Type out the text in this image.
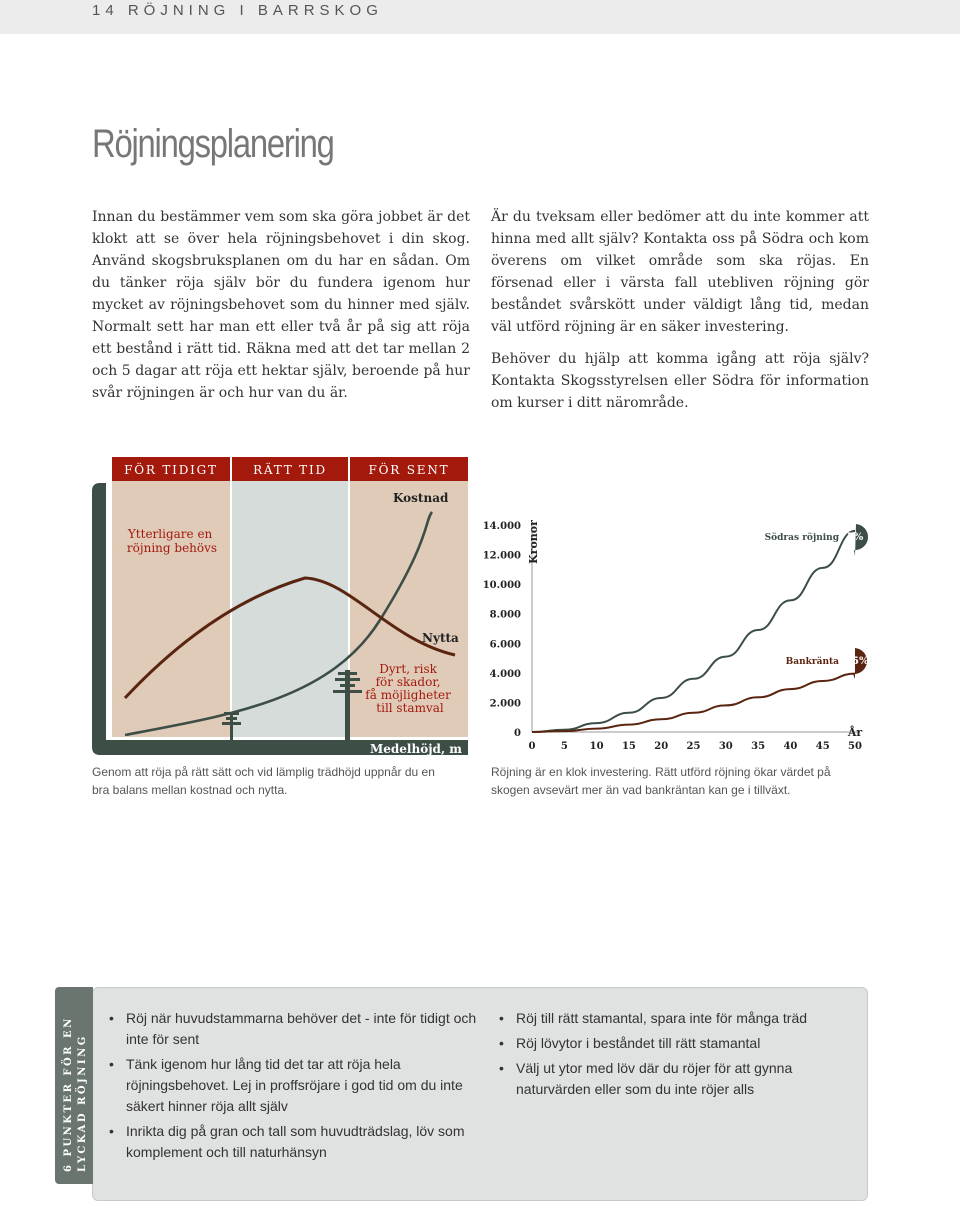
14 RÖJNING I BARRSKOG
Röjningsplanering

Innan du bestämmer vem som ska göra jobbet är det klokt att se över hela röjningsbehovet i din skog. Använd skogsbruksplanen om du har en sådan. Om du tänker röja själv bör du fundera igenom hur mycket av röjningsbehovet som du hinner med själv. Normalt sett har man ett eller två år på sig att röja ett bestånd i rätt tid. Räkna med att det tar mellan 2 och 5 dagar att röja ett hektar själv, beroende på hur svår röjningen är och hur van du är.

Är du tveksam eller bedömer att du inte kommer att hinna med allt själv? Kontakta oss på Södra och kom överens om vilket område som ska röjas. En försenad eller i värsta fall utebliven röjning gör beståndet svårskött under väldigt lång tid, medan väl utförd röjning är en säker investering.

Behöver du hjälp att komma igång att röja själv? Kontakta Skogsstyrelsen eller Södra för information om kurser i ditt närområde.

FÖR TIDIGT	RÄTT TID	FÖR SENT
Kostnad
Nytta
Ytterligare en röjning behövs
Dyrt, risk för skador, få möjligheter till stamval
Medelhöjd, m
0
2.000
4.000
6.000
8.000
10.000
12.000
14.000
0	5 10 15 20 25 30 35 40 45 50
Kronor
År
5%
Södras röjning
2,5%
Bankränta

Genom att röja på rätt sätt och vid lämplig trädhöjd uppnår du en bra balans mellan kostnad och nytta.

Röjning är en klok investering. Rätt utförd röjning ökar värdet på skogen avsevärt mer än vad bankräntan kan ge i tillväxt.

6 PUNKTER FÖR EN LYCKAD RÖJNING
• Röj när huvudstammarna behöver det - inte för tidigt och inte för sent
• Tänk igenom hur lång tid det tar att röja hela röjningsbehovet. Lej in proffsröjare i god tid om du inte säkert hinner röja allt själv
• Inrikta dig på gran och tall som huvudträdslag, löv som komplement och till naturhänsyn
• Röj till rätt stamantal, spara inte för många träd
• Röj lövytor i beståndet till rätt stamantal
• Välj ut ytor med löv där du röjer för att gynna naturvärden eller som du inte röjer alls
